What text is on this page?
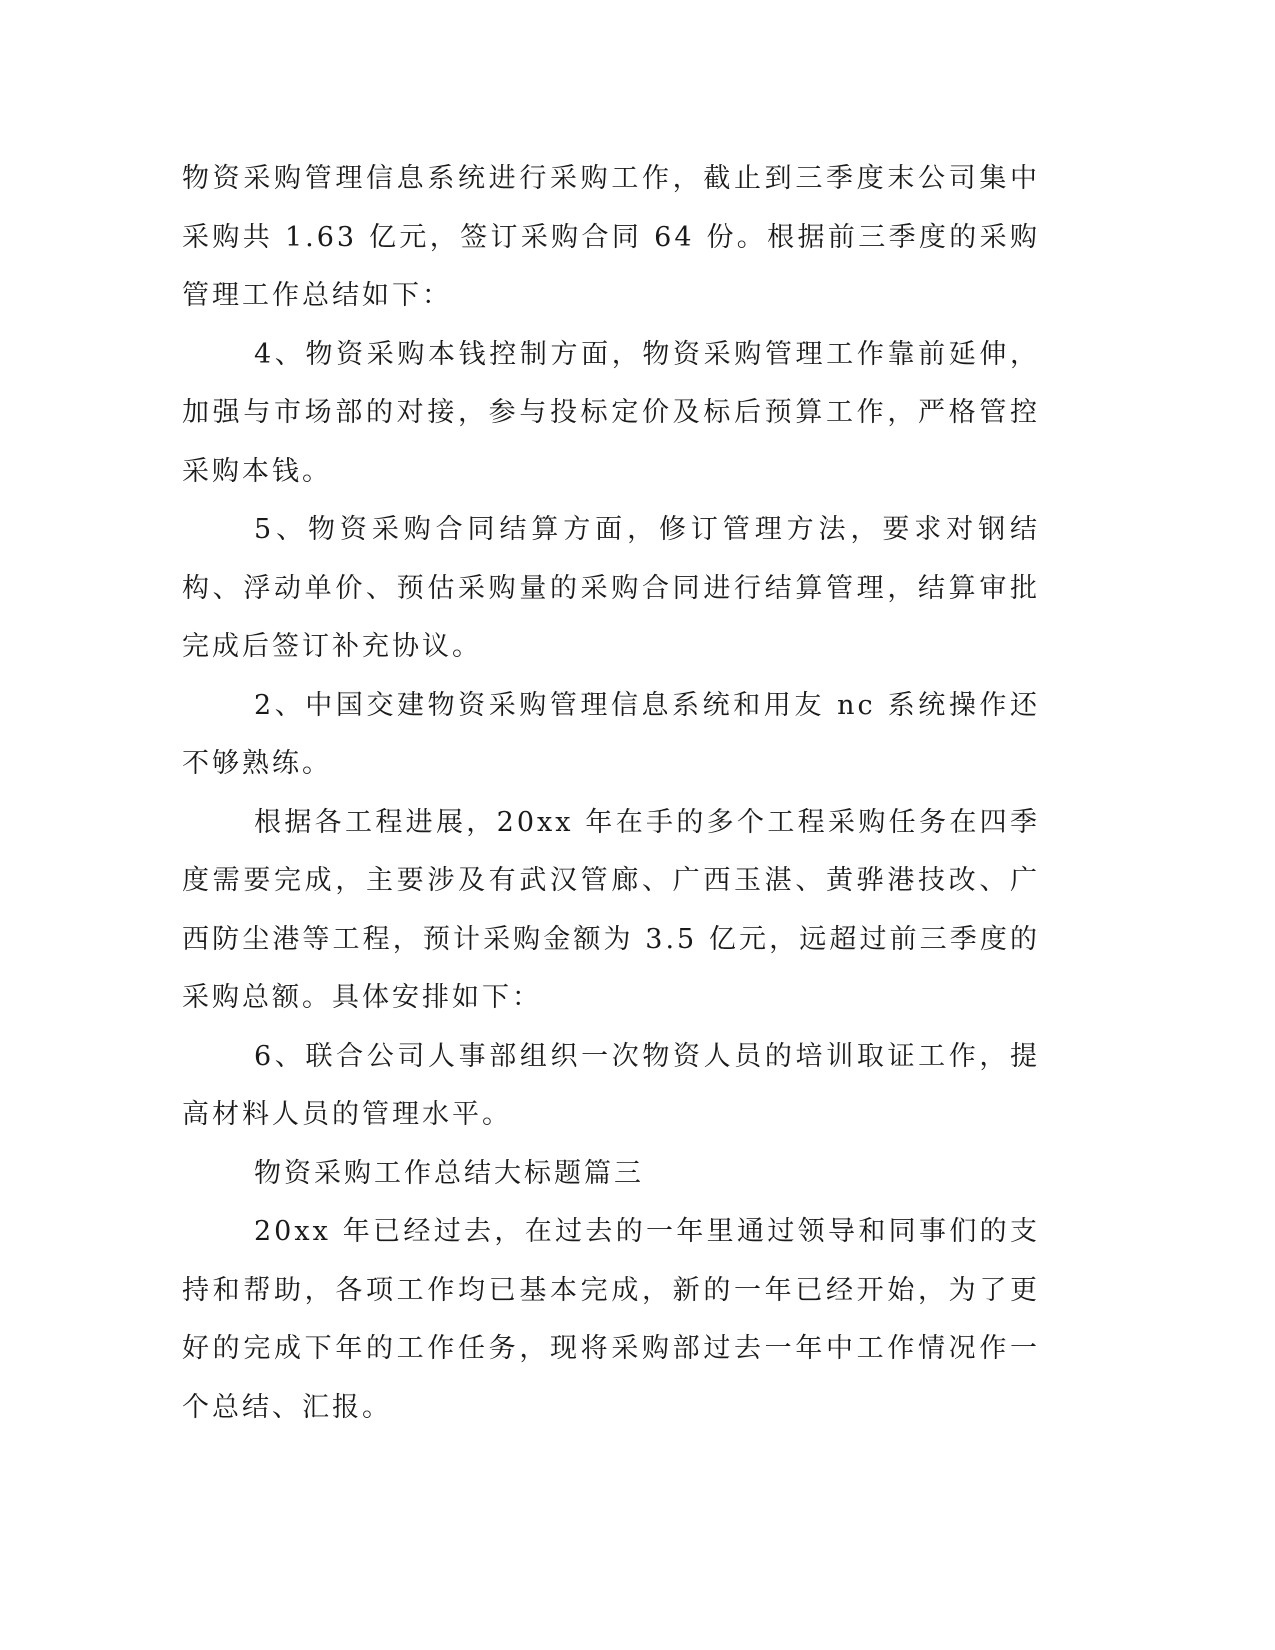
物资采购管理信息系统进行采购工作，截止到三季度末公司集中采购共 1.63 亿元，签订采购合同 64 份。根据前三季度的采购管理工作总结如下：

4、物资采购本钱控制方面，物资采购管理工作靠前延伸，加强与市场部的对接，参与投标定价及标后预算工作，严格管控采购本钱。

5、物资采购合同结算方面，修订管理方法，要求对钢结构、浮动单价、预估采购量的采购合同进行结算管理，结算审批完成后签订补充协议。

2、中国交建物资采购管理信息系统和用友 nc 系统操作还不够熟练。

根据各工程进展，20xx 年在手的多个工程采购任务在四季度需要完成，主要涉及有武汉管廊、广西玉湛、黄骅港技改、广西防尘港等工程，预计采购金额为 3.5 亿元，远超过前三季度的采购总额。具体安排如下：

6、联合公司人事部组织一次物资人员的培训取证工作，提高材料人员的管理水平。

物资采购工作总结大标题篇三

20xx 年已经过去，在过去的一年里通过领导和同事们的支持和帮助，各项工作均已基本完成，新的一年已经开始，为了更好的完成下年的工作任务，现将采购部过去一年中工作情况作一个总结、汇报。
